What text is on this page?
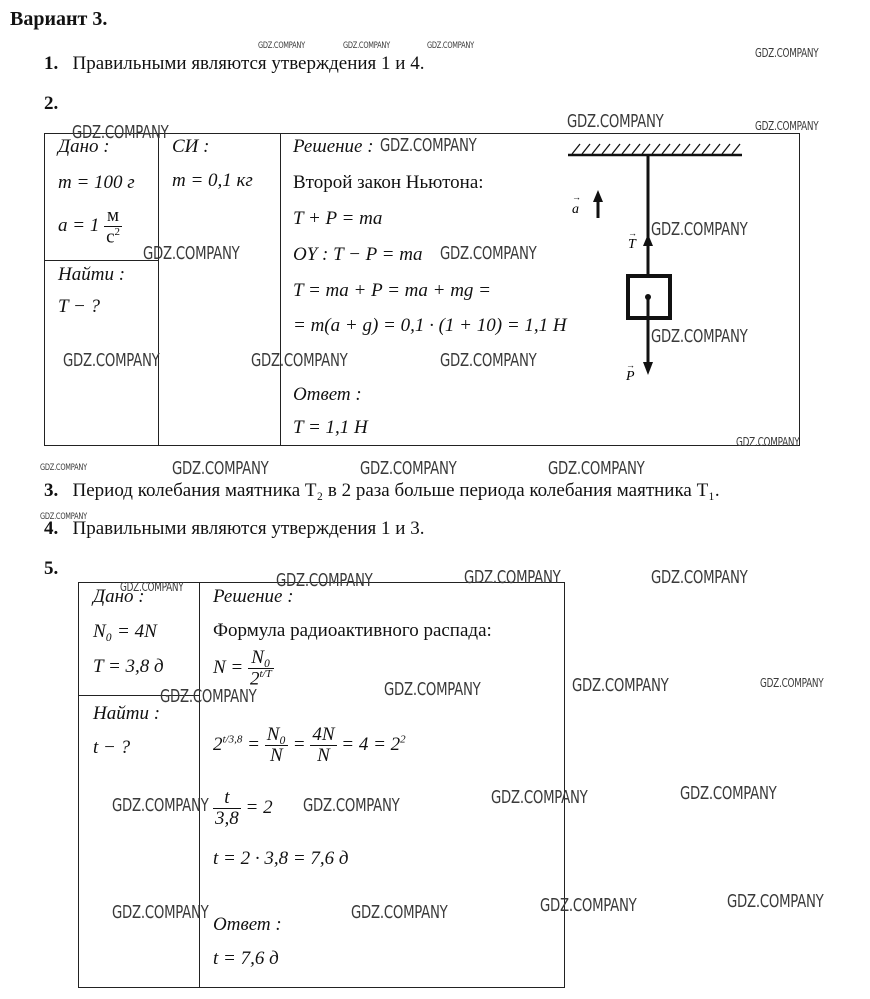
Вариант 3.
1. Правильными являются утверждения 1 и 4.
2.
Дано :
m = 100 г
$a = 1 \frac{м}{с^2}$
Найти :
T − ?
СИ :
m = 0,1 кг
Решение :
Второй закон Ньютона:
T + P = ma
OY : T − P = ma
T = ma + P = ma + mg =
= m(a + g) = 0,1 · (1 + 10) = 1,1 Н
Ответ :
T = 1,1 Н
a
T
P
→
→
→
3. Период колебания маятника T₂ в 2 раза больше периода колебания маятника T₁.
4. Правильными являются утверждения 1 и 3.
5.
Дано :
N₀ = 4N
T = 3,8 д
Найти :
t − ?
Решение :
Формула радиоактивного распада:
$N = \frac{\text{N₀}}{2^{t/T}}$
$2^{t/3,8} = \frac{\text{N₀}}{N} = \frac{4N}{N} = 4 = 2^2$
$\frac{t}{3,8} = 2$
t = 2 · 3,8 = 7,6 д
Ответ :
t = 7,6 д
GDZ.COMPANY	GDZ.COMPANY	GDZ.COMPANY	GDZ.COMPANY
GDZ.COMPANY	GDZ.COMPANY
GDZ.COMPANY
GDZ.COMPANY
GDZ.COMPANY
GDZ.COMPANY	GDZ.COMPANY
GDZ.COMPANY
GDZ.COMPANY	GDZ.COMPANY	GDZ.COMPANY
GDZ.COMPANY
GDZ.COMPANY	GDZ.COMPANY	GDZ.COMPANY	GDZ.COMPANY
GDZ.COMPANY
GDZ.COMPANY	GDZ.COMPANY	GDZ.COMPANY	GDZ.COMPANY
GDZ.COMPANY	GDZ.COMPANY
GDZ.COMPANY
GDZ.COMPANY
GDZ.COMPANY
GDZ.COMPANY
GDZ.COMPANY	GDZ.COMPANY
GDZ.COMPANY
GDZ.COMPANY
GDZ.COMPANY	GDZ.COMPANY
